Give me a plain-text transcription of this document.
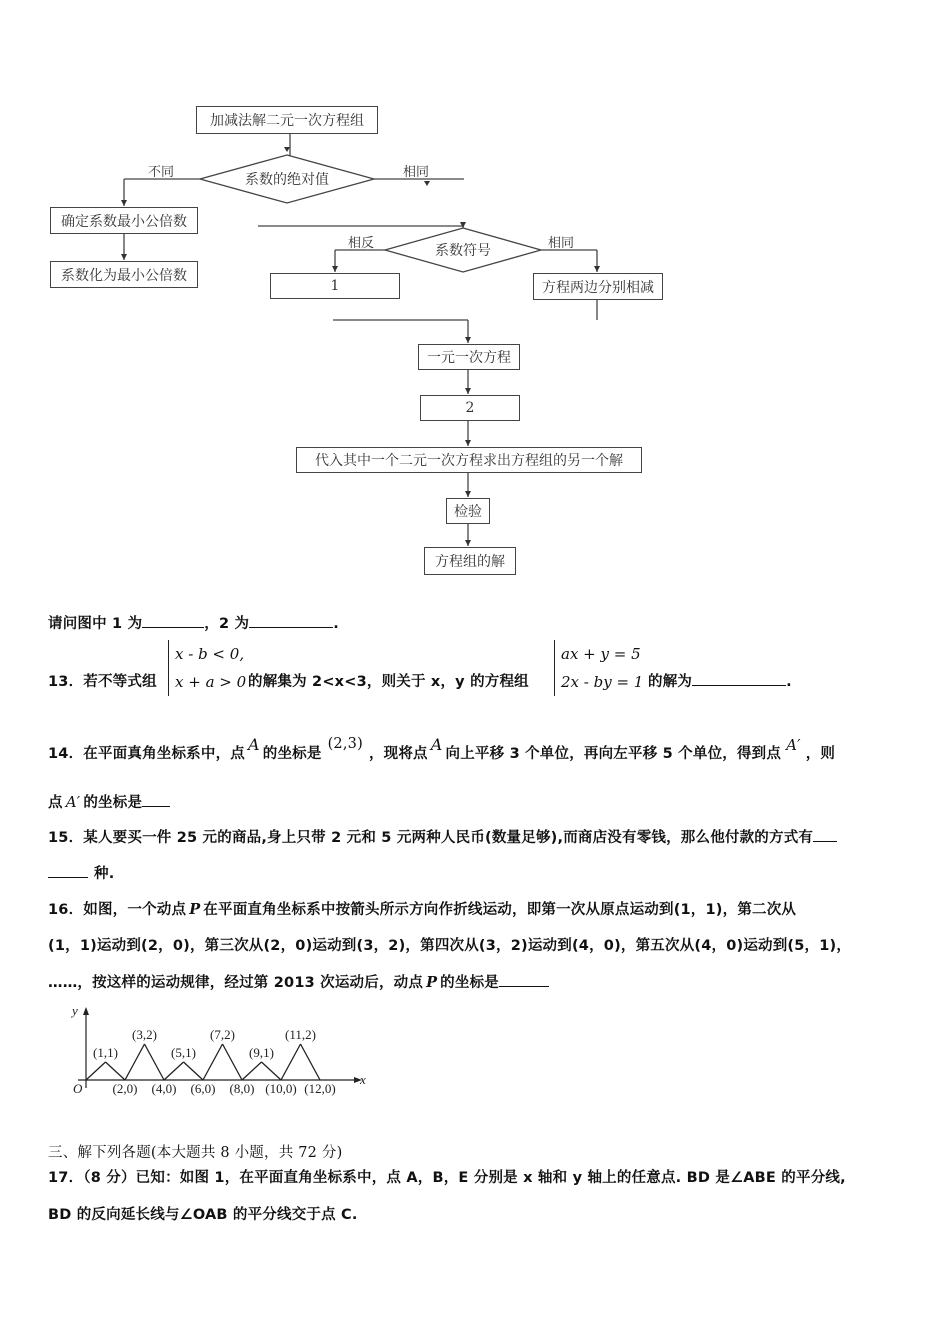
加减法解二元一次方程组
系数的绝对值
不同	相同
确定系数最小公倍数
系数化为最小公倍数
系数符号
相反	相同
1	方程两边分别相减
一元一次方程
2
代入其中一个二元一次方程求出方程组的另一个解
检验
方程组的解
请问图中 1 为	，2 为	.
13．若不等式组
x - b < 0,
x + a > 0 的解集为 2<x<3，则关于 x，y 的方程组
ax + y = 5
2x - by = 1 的解为	.
14．在平面真角坐标系中，点 A 的坐标是(2,3)，现将点 A 向上平移 3 个单位，再向左平移 5 个单位，得到点 A′ ，则
点 A′ 的坐标是
15．某人要买一件 25 元的商品,身上只带 2 元和 5 元两种人民币(数量足够),而商店没有零钱，那么他付款的方式有
种.
16．如图，一个动点 P 在平面直角坐标系中按箭头所示方向作折线运动，即第一次从原点运动到(1，1)，第二次从
(1，1)运动到(2，0)，第三次从(2，0)运动到(3，2)，第四次从(3，2)运动到(4，0)，第五次从(4，0)运动到(5，1)，
……，按这样的运动规律，经过第 2013 次运动后，动点 P 的坐标是
x
y
O
(1,1)
(2,0)
(3,2)
(4,0)
(5,1)
(6,0)
(7,2)
(8,0)
(9,1)
(10,0)
(11,2)
(12,0)
三、解下列各题(本大题共 8 小题，共 72 分)
17．（8 分）已知：如图 1，在平面直角坐标系中，点 A，B，E 分别是 x 轴和 y 轴上的任意点. BD 是∠ABE 的平分线,
BD 的反向延长线与∠OAB 的平分线交于点 C.
